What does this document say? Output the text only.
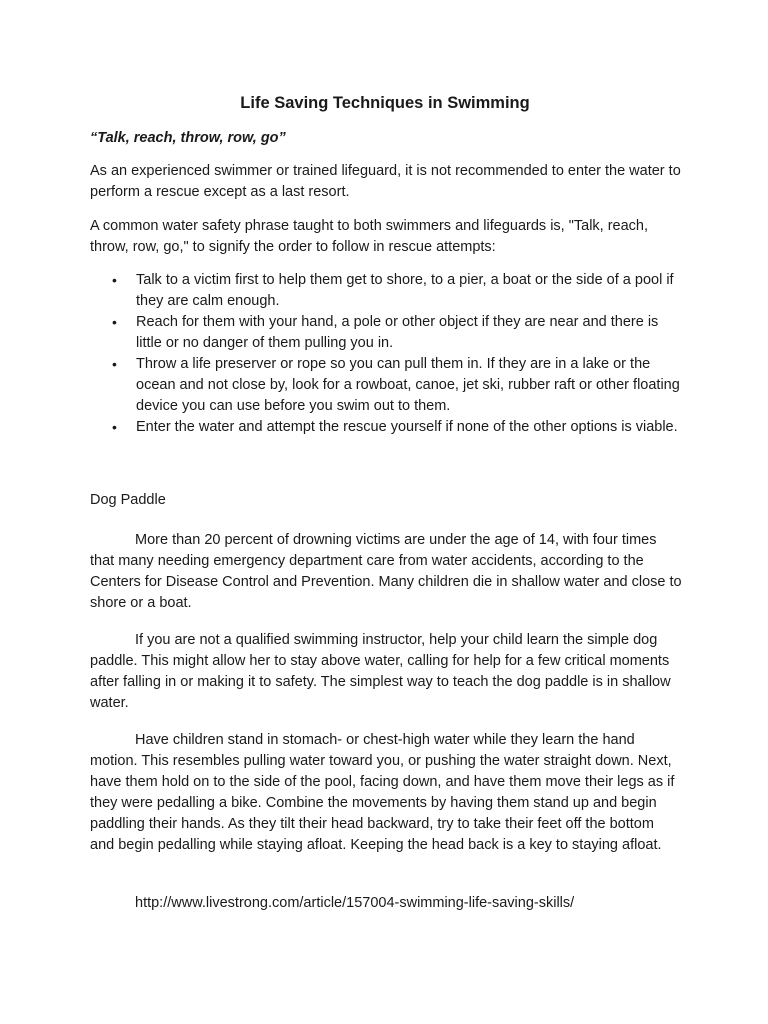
Life Saving Techniques in Swimming
“Talk, reach, throw, row, go”

As an experienced swimmer or trained lifeguard, it is not recommended to enter the water to perform a rescue except as a last resort.

A common water safety phrase taught to both swimmers and lifeguards is, "Talk, reach, throw, row, go," to signify the order to follow in rescue attempts:

• Talk to a victim first to help them get to shore, to a pier, a boat or the side of a pool if they are calm enough.
• Reach for them with your hand, a pole or other object if they are near and there is little or no danger of them pulling you in.
• Throw a life preserver or rope so you can pull them in. If they are in a lake or the ocean and not close by, look for a rowboat, canoe, jet ski, rubber raft or other floating device you can use before you swim out to them.
• Enter the water and attempt the rescue yourself if none of the other options is viable.
Dog Paddle

More than 20 percent of drowning victims are under the age of 14, with four times that many needing emergency department care from water accidents, according to the Centers for Disease Control and Prevention. Many children die in shallow water and close to shore or a boat.

If you are not a qualified swimming instructor, help your child learn the simple dog paddle. This might allow her to stay above water, calling for help for a few critical moments after falling in or making it to safety. The simplest way to teach the dog paddle is in shallow water.

Have children stand in stomach- or chest-high water while they learn the hand motion. This resembles pulling water toward you, or pushing the water straight down. Next, have them hold on to the side of the pool, facing down, and have them move their legs as if they were pedalling a bike. Combine the movements by having them stand up and begin paddling their hands. As they tilt their head backward, try to take their feet off the bottom and begin pedalling while staying afloat. Keeping the head back is a key to staying afloat.

http://www.livestrong.com/article/157004-swimming-life-saving-skills/
